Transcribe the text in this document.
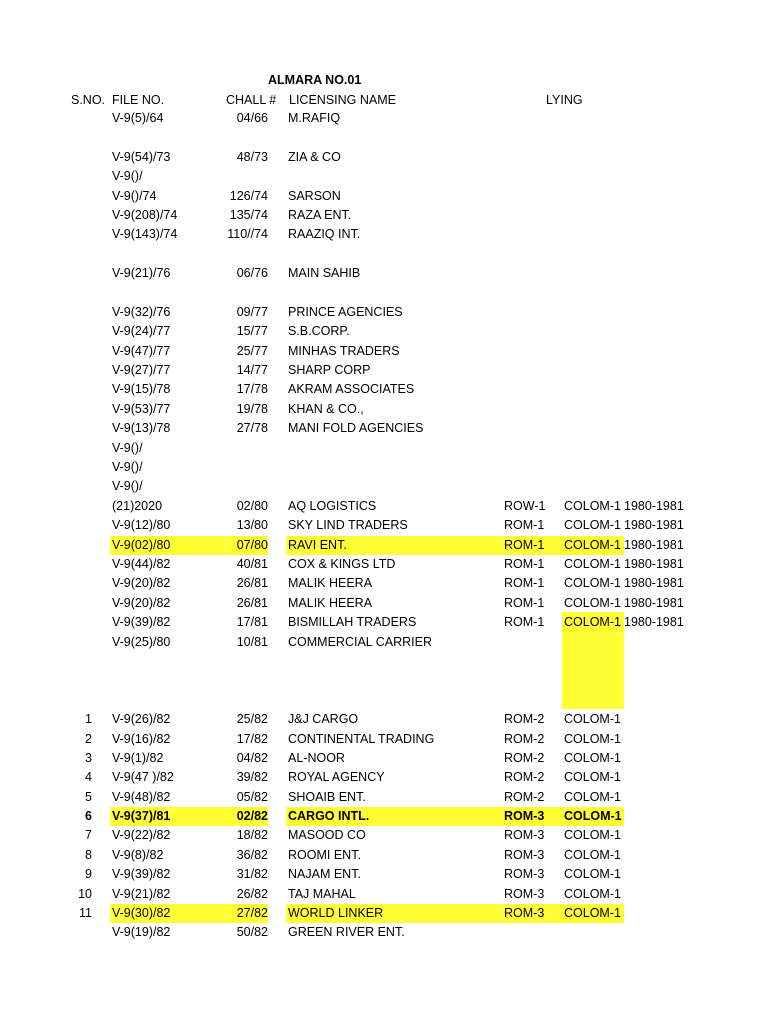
ALMARA NO.01
S.NO. FILE NO.	CHALL # LICENSING NAME	LYING
V-9(5)/64	04/66 M.RAFIQ
V-9(54)/73	48/73 ZIA & CO
V-9()/
V-9()/74	126/74 SARSON
V-9(208)/74	135/74 RAZA ENT.
V-9(143)/74	110//74 RAAZIQ INT.
V-9(21)/76	06/76 MAIN SAHIB
V-9(32)/76	09/77 PRINCE AGENCIES
V-9(24)/77	15/77 S.B.CORP.
V-9(47)/77	25/77 MINHAS TRADERS
V-9(27)/77	14/77 SHARP CORP
V-9(15)/78	17/78 AKRAM ASSOCIATES
V-9(53)/77	19/78 KHAN & CO.,
V-9(13)/78	27/78 MANI FOLD AGENCIES
V-9()/
V-9()/
V-9()/
(21)2020	02/80 AQ LOGISTICS	ROW-1	COLOM-1 1980-1981
V-9(12)/80	13/80 SKY LIND TRADERS	ROM-1	COLOM-1 1980-1981
V-9(02)/80	07/80 RAVI ENT.	ROM-1	COLOM-1 1980-1981
V-9(44)/82	40/81 COX & KINGS LTD	ROM-1	COLOM-1 1980-1981
V-9(20)/82	26/81 MALIK HEERA	ROM-1	COLOM-1 1980-1981
V-9(20)/82	26/81 MALIK HEERA	ROM-1	COLOM-1 1980-1981
V-9(39)/82	17/81 BISMILLAH TRADERS	ROM-1	COLOM-1 1980-1981
V-9(25)/80	10/81 COMMERCIAL CARRIER
1 V-9(26)/82	25/82 J&J CARGO	ROM-2	COLOM-1
2 V-9(16)/82	17/82 CONTINENTAL TRADING	ROM-2	COLOM-1
3 V-9(1)/82	04/82 AL-NOOR	ROM-2	COLOM-1
4 V-9(47 )/82	39/82 ROYAL AGENCY	ROM-2	COLOM-1
5 V-9(48)/82	05/82 SHOAIB ENT.	ROM-2	COLOM-1
6 V-9(37)/81	02/82 CARGO INTL.	ROM-3	COLOM-1
7 V-9(22)/82	18/82 MASOOD CO	ROM-3	COLOM-1
8 V-9(8)/82	36/82 ROOMI ENT.	ROM-3	COLOM-1
9 V-9(39)/82	31/82 NAJAM ENT.	ROM-3	COLOM-1
10 V-9(21)/82	26/82 TAJ MAHAL	ROM-3	COLOM-1
11 V-9(30)/82	27/82 WORLD LINKER	ROM-3	COLOM-1
V-9(19)/82	50/82 GREEN RIVER ENT.
